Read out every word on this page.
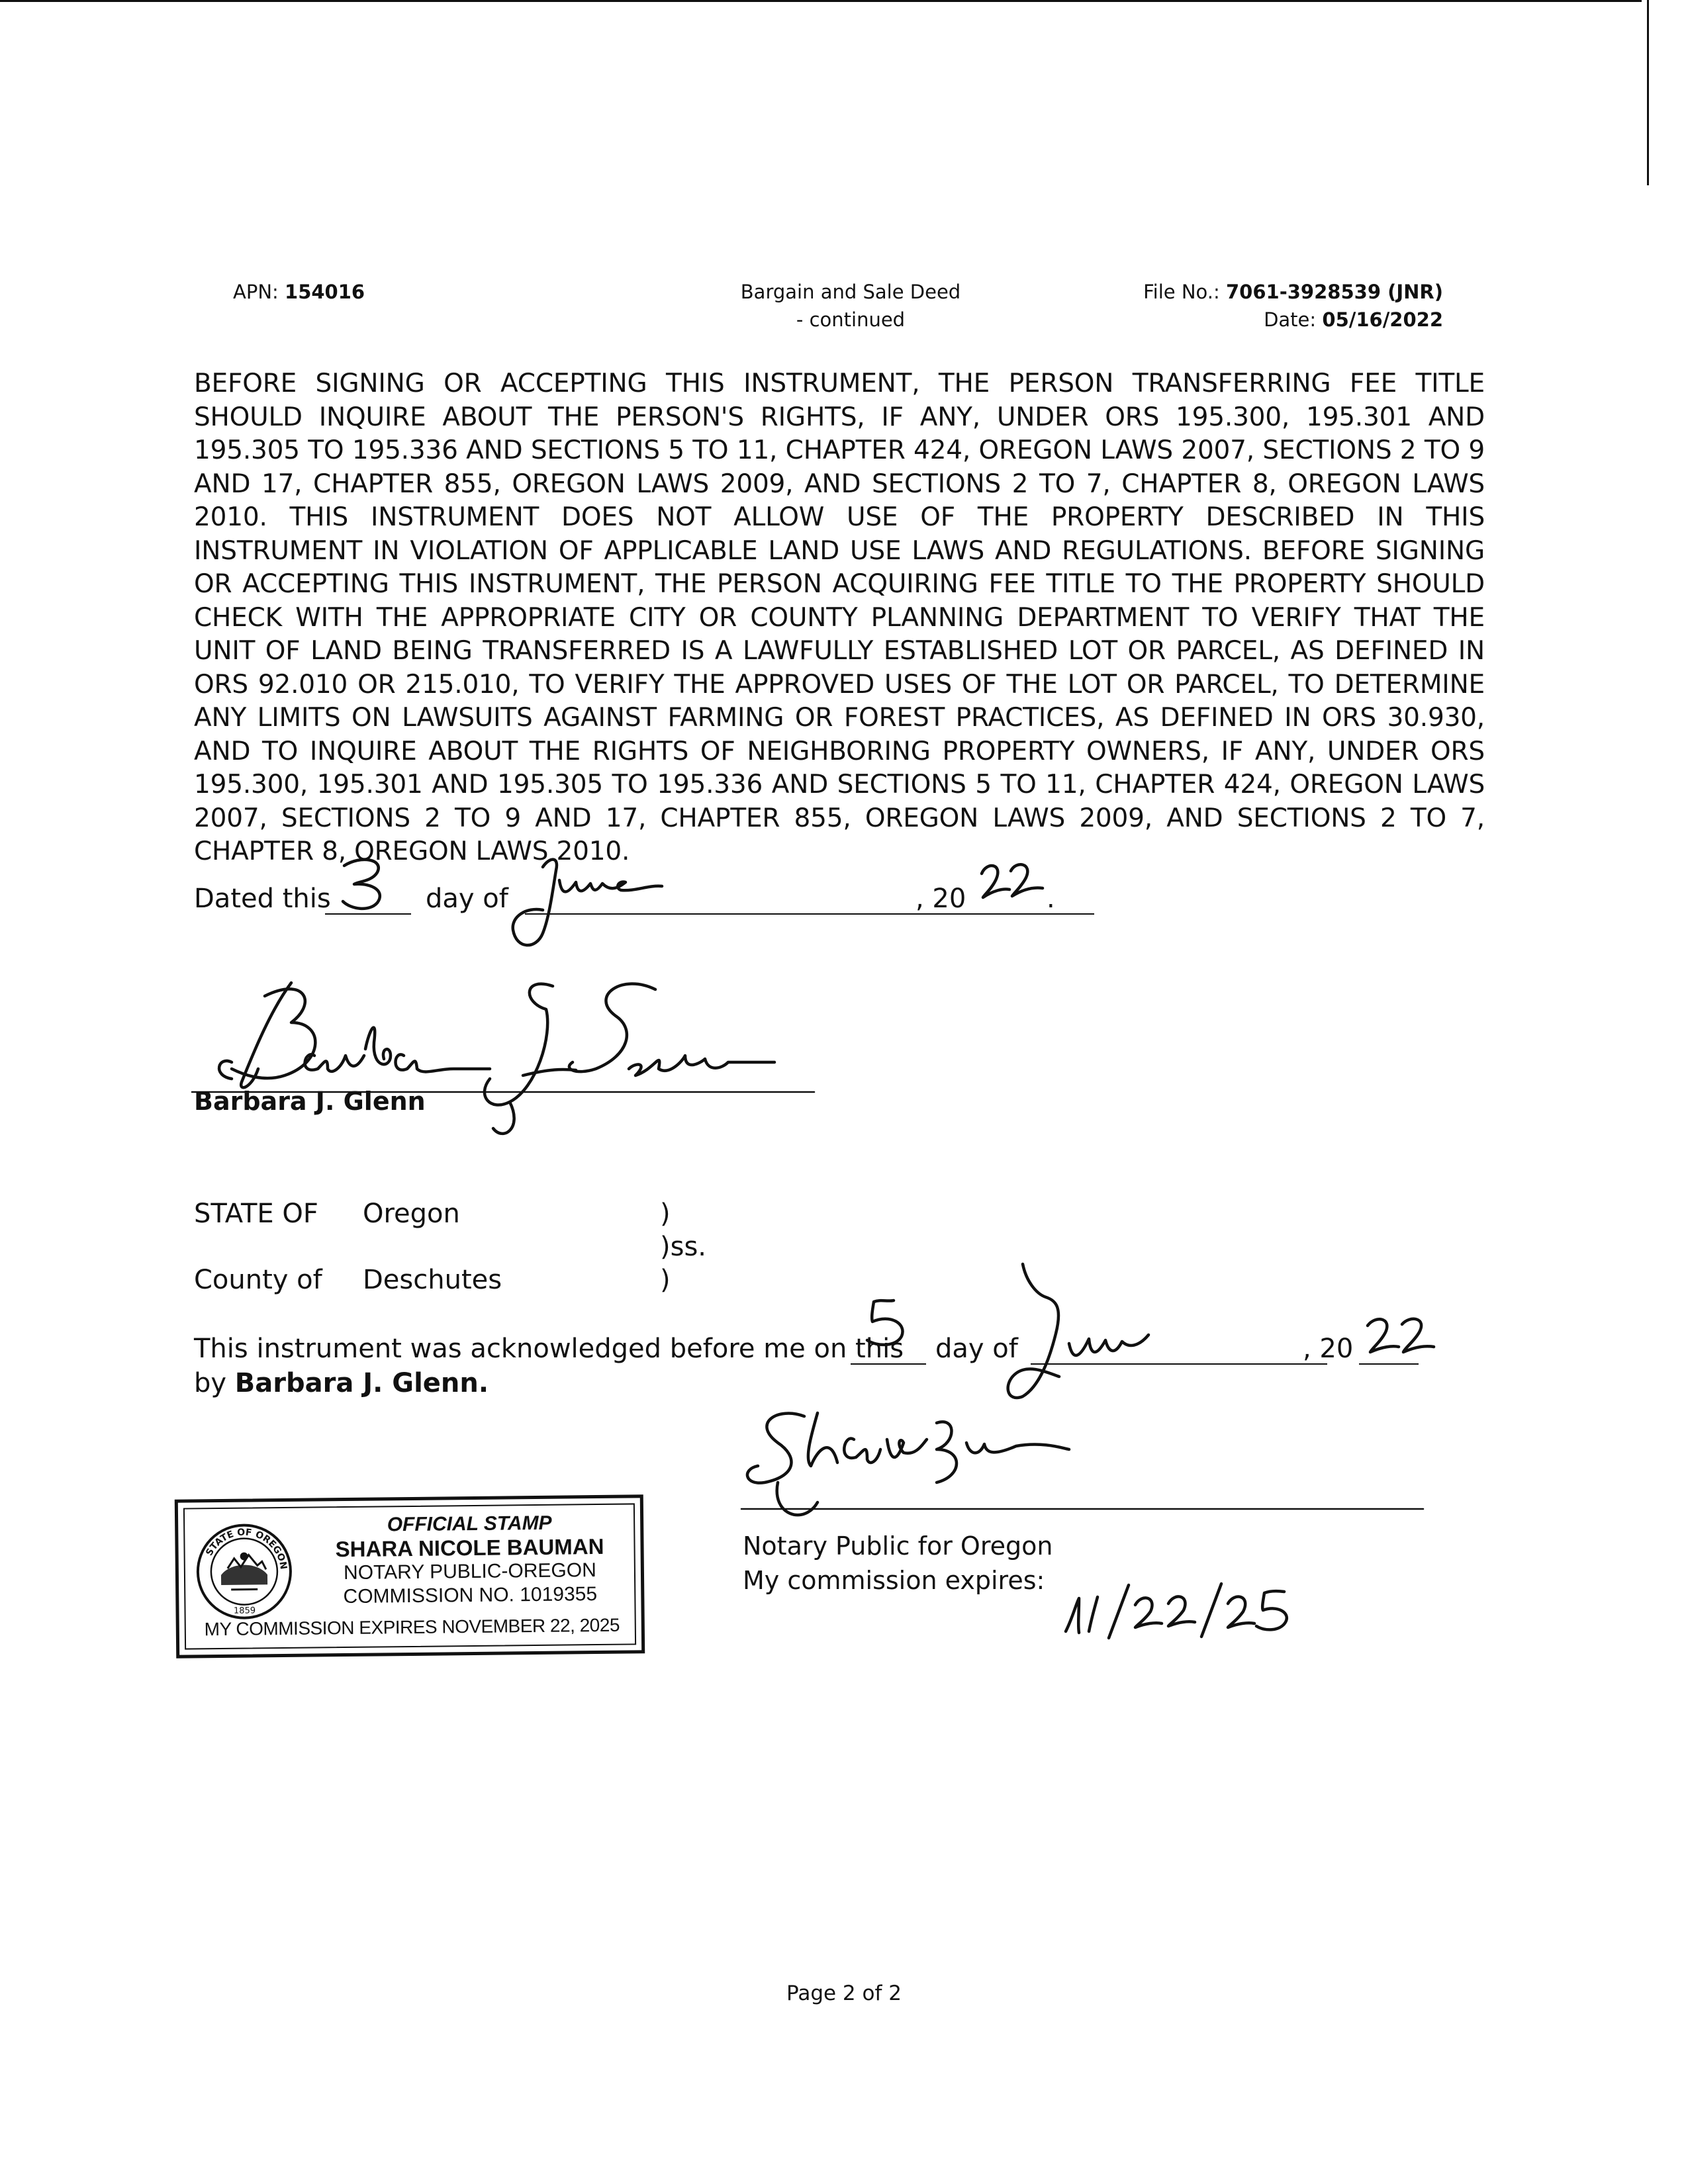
APN: 154016	Bargain and Sale Deed
- continued
File No.: 7061-3928539 (JNR)
Date: 05/16/2022
BEFORE SIGNING OR ACCEPTING THIS INSTRUMENT, THE PERSON TRANSFERRING FEE TITLE SHOULD INQUIRE ABOUT THE PERSON'S RIGHTS, IF ANY, UNDER ORS 195.300, 195.301 AND 195.305 TO 195.336 AND SECTIONS 5 TO 11, CHAPTER 424, OREGON LAWS 2007, SECTIONS 2 TO 9 AND 17, CHAPTER 855, OREGON LAWS 2009, AND SECTIONS 2 TO 7, CHAPTER 8, OREGON LAWS 2010. THIS INSTRUMENT DOES NOT ALLOW USE OF THE PROPERTY DESCRIBED IN THIS INSTRUMENT IN VIOLATION OF APPLICABLE LAND USE LAWS AND REGULATIONS. BEFORE SIGNING OR ACCEPTING THIS INSTRUMENT, THE PERSON ACQUIRING FEE TITLE TO THE PROPERTY SHOULD CHECK WITH THE APPROPRIATE CITY OR COUNTY PLANNING DEPARTMENT TO VERIFY THAT THE UNIT OF LAND BEING TRANSFERRED IS A LAWFULLY ESTABLISHED LOT OR PARCEL, AS DEFINED IN ORS 92.010 OR 215.010, TO VERIFY THE APPROVED USES OF THE LOT OR PARCEL, TO DETERMINE ANY LIMITS ON LAWSUITS AGAINST FARMING OR FOREST PRACTICES, AS DEFINED IN ORS 30.930, AND TO INQUIRE ABOUT THE RIGHTS OF NEIGHBORING PROPERTY OWNERS, IF ANY, UNDER ORS 195.300, 195.301 AND 195.305 TO 195.336 AND SECTIONS 5 TO 11, CHAPTER 424, OREGON LAWS 2007, SECTIONS 2 TO 9 AND 17, CHAPTER 855, OREGON LAWS 2009, AND SECTIONS 2 TO 7, CHAPTER 8, OREGON LAWS 2010.
Dated this	day of	, 20	.
Barbara J. Glenn
STATE OF Oregon	)
)ss.
County of Deschutes	)
This instrument was acknowledged before me on this day of	, 20
by Barbara J. Glenn.
Notary Public for Oregon
My commission expires:
STATE OF OREGON
1859
OFFICIAL STAMP
SHARA NICOLE BAUMAN
NOTARY PUBLIC-OREGON
COMMISSION NO. 1019355
MY COMMISSION EXPIRES NOVEMBER 22, 2025
Page 2 of 2
